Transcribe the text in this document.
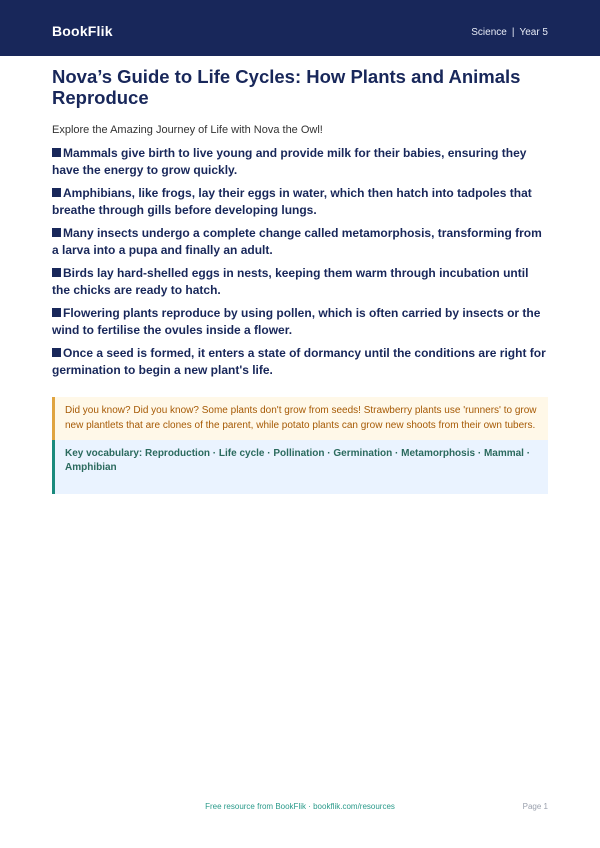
BookFlik	Science | Year 5
Nova’s Guide to Life Cycles: How Plants and Animals Reproduce
Explore the Amazing Journey of Life with Nova the Owl!
Mammals give birth to live young and provide milk for their babies, ensuring they have the energy to grow quickly.
Amphibians, like frogs, lay their eggs in water, which then hatch into tadpoles that breathe through gills before developing lungs.
Many insects undergo a complete change called metamorphosis, transforming from a larva into a pupa and finally an adult.
Birds lay hard-shelled eggs in nests, keeping them warm through incubation until the chicks are ready to hatch.
Flowering plants reproduce by using pollen, which is often carried by insects or the wind to fertilise the ovules inside a flower.
Once a seed is formed, it enters a state of dormancy until the conditions are right for germination to begin a new plant's life.
Did you know? Did you know? Some plants don't grow from seeds! Strawberry plants use 'runners' to grow new plantlets that are clones of the parent, while potato plants can grow new shoots from their own tubers.
Key vocabulary: Reproduction · Life cycle · Pollination · Germination · Metamorphosis · Mammal · Amphibian
Free resource from BookFlik · bookflik.com/resources	Page 1
